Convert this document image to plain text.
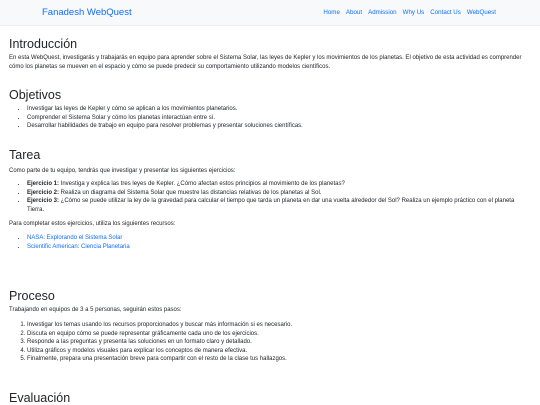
Fanadesh WebQuest	Home About Admission Why Us Contact Us WebQuest
Introducción

En esta WebQuest, investigarás y trabajarás en equipo para aprender sobre el Sistema Solar, las leyes de Kepler y los movimientos de los planetas. El objetivo de esta actividad es comprender cómo los planetas se mueven en el espacio y cómo se puede predecir su comportamiento utilizando modelos científicos.

Objetivos
• Investigar las leyes de Kepler y cómo se aplican a los movimientos planetarios.
• Comprender el Sistema Solar y cómo los planetas interactúan entre sí.
• Desarrollar habilidades de trabajo en equipo para resolver problemas y presentar soluciones científicas.
Tarea

Como parte de tu equipo, tendrás que investigar y presentar los siguientes ejercicios:

• Ejercicio 1: Investiga y explica las tres leyes de Kepler. ¿Cómo afectan estos principios al movimiento de los planetas?
• Ejercicio 2: Realiza un diagrama del Sistema Solar que muestre las distancias relativas de los planetas al Sol.
• Ejercicio 3: ¿Cómo se puede utilizar la ley de la gravedad para calcular el tiempo que tarda un planeta en dar una vuelta alrededor del Sol? Realiza un ejemplo práctico con el planeta Tierra.

Para completar estos ejercicios, utiliza los siguientes recursos:

• NASA: Explorando el Sistema Solar
• Scientific American: Ciencia Planetaria
Proceso

Trabajando en equipos de 3 a 5 personas, seguirán estos pasos:

1. Investigar los temas usando los recursos proporcionados y buscar más información si es necesario.
2. Discuta en equipo cómo se puede representar gráficamente cada uno de los ejercicios.
3. Responde a las preguntas y presenta las soluciones en un formato claro y detallado.
4. Utiliza gráficos y modelos visuales para explicar los conceptos de manera efectiva.
5. Finalmente, prepara una presentación breve para compartir con el resto de la clase tus hallazgos.
Evaluación
